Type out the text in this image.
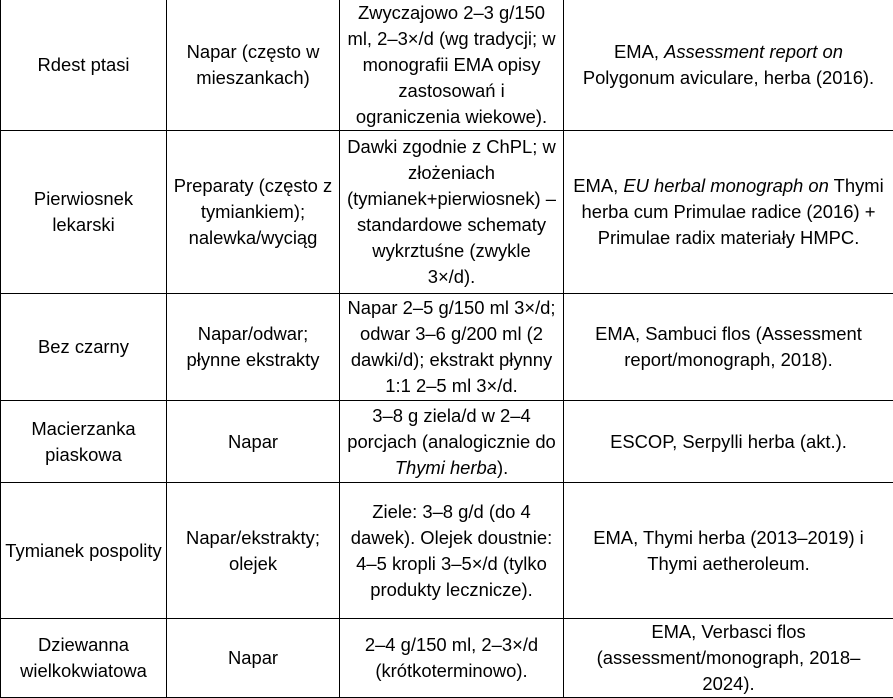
Rdest ptasi	Napar (często w mieszankach)	Zwyczajowo 2–3 g/150 ml, 2–3×/d (wg tradycji; w monografii EMA opisy zastosowań i ograniczenia wiekowe).	EMA, Assessment report on Polygonum aviculare, herba (2016).
Pierwiosnek lekarski	Preparaty (często z tymiankiem); nalewka/wyciąg	Dawki zgodnie z ChPL; w złożeniach (tymianek+pierwiosnek) – standardowe schematy wykrztuśne (zwykle 3×/d).	EMA, EU herbal monograph on Thymi herba cum Primulae radice (2016) + Primulae radix materiały HMPC.
Bez czarny	Napar/odwar; płynne ekstrakty	Napar 2–5 g/150 ml 3×/d; odwar 3–6 g/200 ml (2 dawki/d); ekstrakt płynny 1:1 2–5 ml 3×/d.	EMA, Sambuci flos (Assessment report/monograph, 2018).
Macierzanka piaskowa	Napar	3–8 g ziela/d w 2–4 porcjach (analogicznie do Thymi herba).	ESCOP, Serpylli herba (akt.).
Tymianek pospolity	Napar/ekstrakty; olejek	Ziele: 3–8 g/d (do 4 dawek). Olejek doustnie: 4–5 kropli 3–5×/d (tylko produkty lecznicze).	EMA, Thymi herba (2013–2019) i Thymi aetheroleum.
Dziewanna wielkokwiatowa	Napar	2–4 g/150 ml, 2–3×/d (krótkoterminowo).	EMA, Verbasci flos (assessment/monograph, 2018–2024).
